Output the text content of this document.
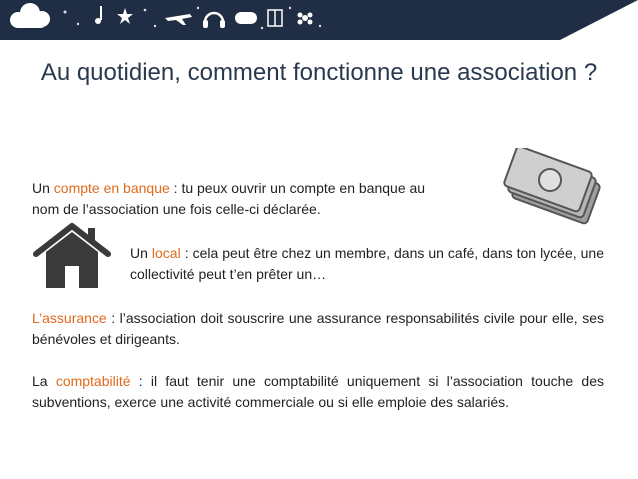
Au quotidien, comment fonctionne une association ?

Un compte en banque : tu peux ouvrir un compte en banque au
nom de l’association une fois celle-ci déclarée.

Un local : cela peut être chez un membre, dans un café, dans ton lycée, une collectivité peut t’en prêter un…

L’assurance : l’association doit souscrire une assurance responsabilités civile pour elle, ses bénévoles et dirigeants.

La comptabilité : il faut tenir une comptabilité uniquement si l’association touche des subventions, exerce une activité commerciale ou si elle emploie des salariés.
